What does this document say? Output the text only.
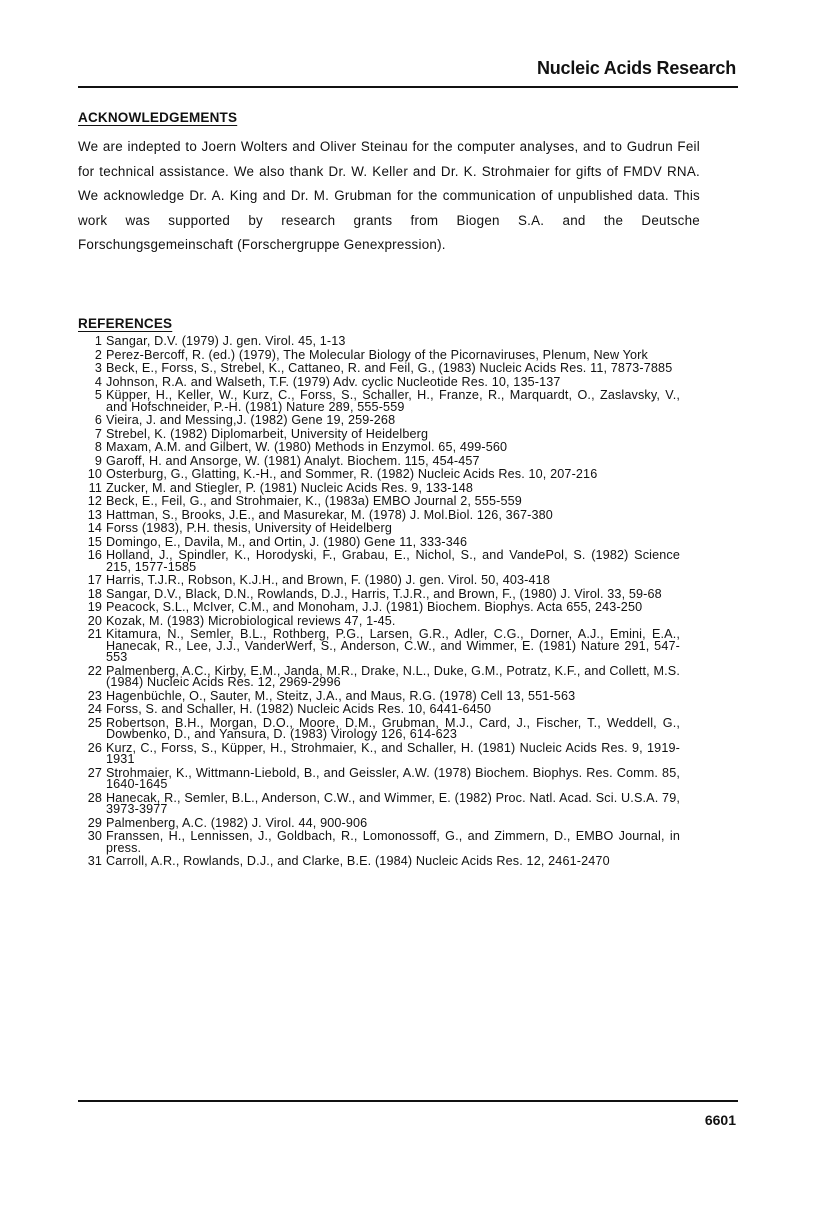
Nucleic Acids Research
ACKNOWLEDGEMENTS
We are indepted to Joern Wolters and Oliver Steinau for the computer analyses, and to Gudrun Feil for technical assistance. We also thank Dr. W. Keller and Dr. K. Strohmaier for gifts of FMDV RNA. We acknowledge Dr. A. King and Dr. M. Grubman for the communication of unpublished data. This work was supported by research grants from Biogen S.A. and the Deutsche Forschungsgemeinschaft (Forschergruppe Genexpression).
REFERENCES
1 Sangar, D.V. (1979) J. gen. Virol. 45, 1-13
2 Perez-Bercoff, R. (ed.) (1979), The Molecular Biology of the Picornaviruses, Plenum, New York
3 Beck, E., Forss, S., Strebel, K., Cattaneo, R. and Feil, G., (1983) Nucleic Acids Res. 11, 7873-7885
4 Johnson, R.A. and Walseth, T.F. (1979) Adv. cyclic Nucleotide Res. 10, 135-137
5 Küpper, H., Keller, W., Kurz, C., Forss, S., Schaller, H., Franze, R., Marquardt, O., Zaslavsky, V., and Hofschneider, P.-H. (1981) Nature 289, 555-559
6 Vieira, J. and Messing,J. (1982) Gene 19, 259-268
7 Strebel, K. (1982) Diplomarbeit, University of Heidelberg
8 Maxam, A.M. and Gilbert, W. (1980) Methods in Enzymol. 65, 499-560
9 Garoff, H. and Ansorge, W. (1981) Analyt. Biochem. 115, 454-457
10 Osterburg, G., Glatting, K.-H., and Sommer, R. (1982) Nucleic Acids Res. 10, 207-216
11 Zucker, M. and Stiegler, P. (1981) Nucleic Acids Res. 9, 133-148
12 Beck, E., Feil, G., and Strohmaier, K., (1983a) EMBO Journal 2, 555-559
13 Hattman, S., Brooks, J.E., and Masurekar, M. (1978) J. Mol.Biol. 126, 367-380
14 Forss (1983), P.H. thesis, University of Heidelberg
15 Domingo, E., Davila, M., and Ortin, J. (1980) Gene 11, 333-346
16 Holland, J., Spindler, K., Horodyski, F., Grabau, E., Nichol, S., and VandePol, S. (1982) Science 215, 1577-1585
17 Harris, T.J.R., Robson, K.J.H., and Brown, F. (1980) J. gen. Virol. 50, 403-418
18 Sangar, D.V., Black, D.N., Rowlands, D.J., Harris, T.J.R., and Brown, F., (1980) J. Virol. 33, 59-68
19 Peacock, S.L., McIver, C.M., and Monoham, J.J. (1981) Biochem. Biophys. Acta 655, 243-250
20 Kozak, M. (1983) Microbiological reviews 47, 1-45.
21 Kitamura, N., Semler, B.L., Rothberg, P.G., Larsen, G.R., Adler, C.G., Dorner, A.J., Emini, E.A., Hanecak, R., Lee, J.J., VanderWerf, S., Anderson, C.W., and Wimmer, E. (1981) Nature 291, 547-553
22 Palmenberg, A.C., Kirby, E.M., Janda, M.R., Drake, N.L., Duke, G.M., Potratz, K.F., and Collett, M.S. (1984) Nucleic Acids Res. 12, 2969-2996
23 Hagenbüchle, O., Sauter, M., Steitz, J.A., and Maus, R.G. (1978) Cell 13, 551-563
24 Forss, S. and Schaller, H. (1982) Nucleic Acids Res. 10, 6441-6450
25 Robertson, B.H., Morgan, D.O., Moore, D.M., Grubman, M.J., Card, J., Fischer, T., Weddell, G., Dowbenko, D., and Yansura, D. (1983) Virology 126, 614-623
26 Kurz, C., Forss, S., Küpper, H., Strohmaier, K., and Schaller, H. (1981) Nucleic Acids Res. 9, 1919-1931
27 Strohmaier, K., Wittmann-Liebold, B., and Geissler, A.W. (1978) Biochem. Biophys. Res. Comm. 85, 1640-1645
28 Hanecak, R., Semler, B.L., Anderson, C.W., and Wimmer, E. (1982) Proc. Natl. Acad. Sci. U.S.A. 79, 3973-3977
29 Palmenberg, A.C. (1982) J. Virol. 44, 900-906
30 Franssen, H., Lennissen, J., Goldbach, R., Lomonossoff, G., and Zimmern, D., EMBO Journal, in press.
31 Carroll, A.R., Rowlands, D.J., and Clarke, B.E. (1984) Nucleic Acids Res. 12, 2461-2470
6601
